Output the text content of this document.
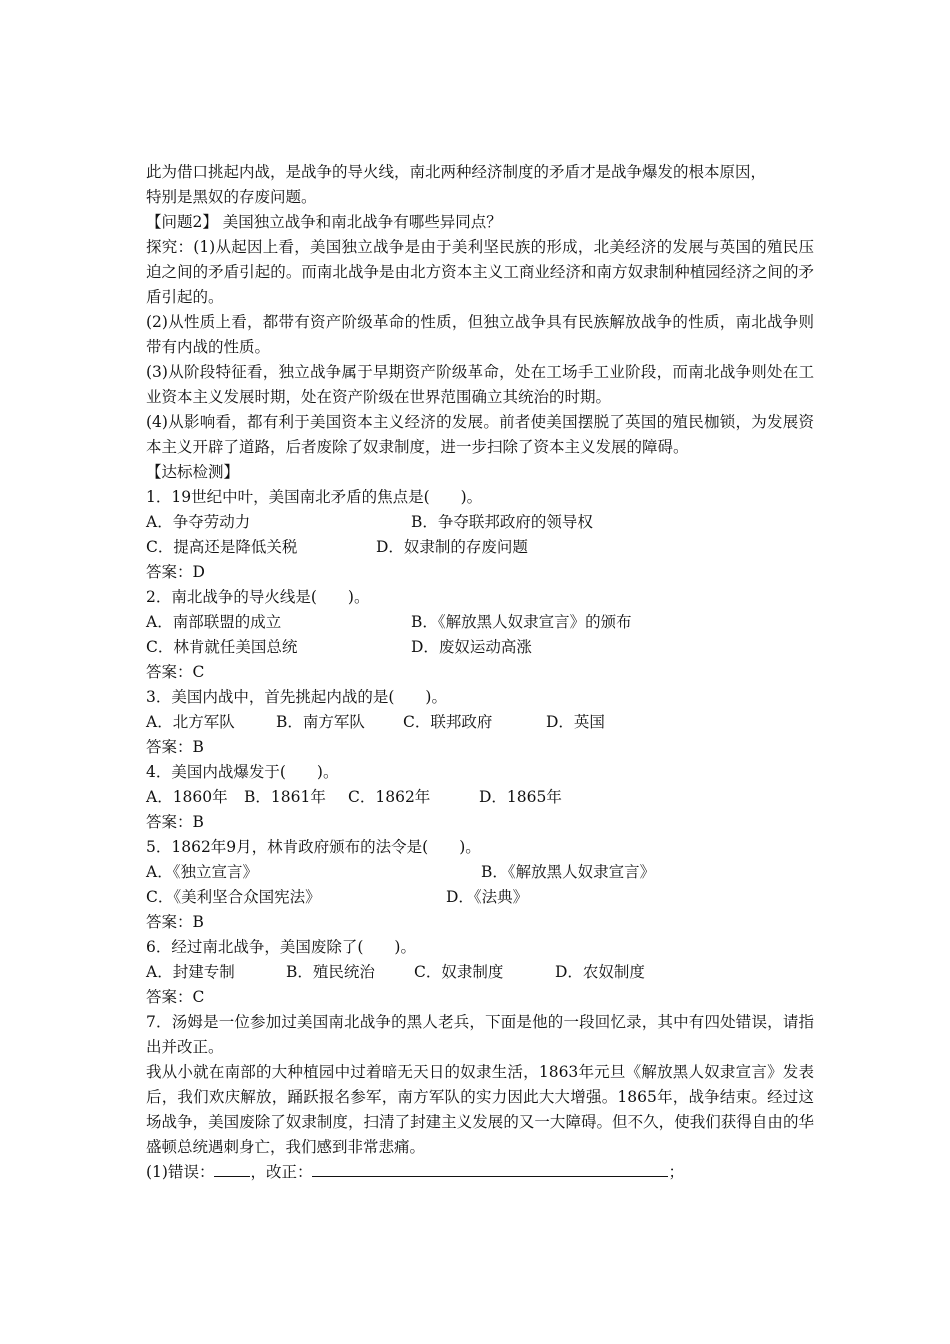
此为借口挑起内战，是战争的导火线，南北两种经济制度的矛盾才是战争爆发的根本原因，
特别是黑奴的存废问题。
【问题2】 美国独立战争和南北战争有哪些异同点？
探究：(1)从起因上看，美国独立战争是由于美利坚民族的形成，北美经济的发展与英国的殖民压迫之间的矛盾引起的。而南北战争是由北方资本主义工商业经济和南方奴隶制种植园经济之间的矛盾引起的。
(2)从性质上看，都带有资产阶级革命的性质，但独立战争具有民族解放战争的性质，南北战争则带有内战的性质。
(3)从阶段特征看，独立战争属于早期资产阶级革命，处在工场手工业阶段，而南北战争则处在工业资本主义发展时期，处在资产阶级在世界范围确立其统治的时期。
(4)从影响看，都有利于美国资本主义经济的发展。前者使美国摆脱了英国的殖民枷锁，为发展资本主义开辟了道路，后者废除了奴隶制度，进一步扫除了资本主义发展的障碍。
【达标检测】
1．19世纪中叶，美国南北矛盾的焦点是(　　)。
A．争夺劳动力	B．争夺联邦政府的领导权
C．提高还是降低关税	D．奴隶制的存废问题
答案：D
2．南北战争的导火线是(　　)。
A．南部联盟的成立	B．《解放黑人奴隶宣言》的颁布
C．林肯就任美国总统	D．废奴运动高涨
答案：C
3．美国内战中，首先挑起内战的是(　　)。
A．北方军队	B．南方军队	C．联邦政府	D．英国
答案：B
4．美国内战爆发于(　　)。
A．1860年	B．1861年	C．1862年	D．1865年
答案：B
5．1862年9月，林肯政府颁布的法令是(　　)。
A．《独立宣言》	B．《解放黑人奴隶宣言》
C．《美利坚合众国宪法》	D．《法典》
答案：B
6．经过南北战争，美国废除了(　　)。
A．封建专制	B．殖民统治	C．奴隶制度	D．农奴制度
答案：C
7．汤姆是一位参加过美国南北战争的黑人老兵，下面是他的一段回忆录，其中有四处错误，请指出并改正。
我从小就在南部的大种植园中过着暗无天日的奴隶生活，1863年元旦《解放黑人奴隶宣言》发表后，我们欢庆解放，踊跃报名参军，南方军队的实力因此大大增强。1865年，战争结束。经过这场战争，美国废除了奴隶制度，扫清了封建主义发展的又一大障碍。但不久，使我们获得自由的华盛顿总统遇刺身亡，我们感到非常悲痛。
(1)错误： ，改正：	；
